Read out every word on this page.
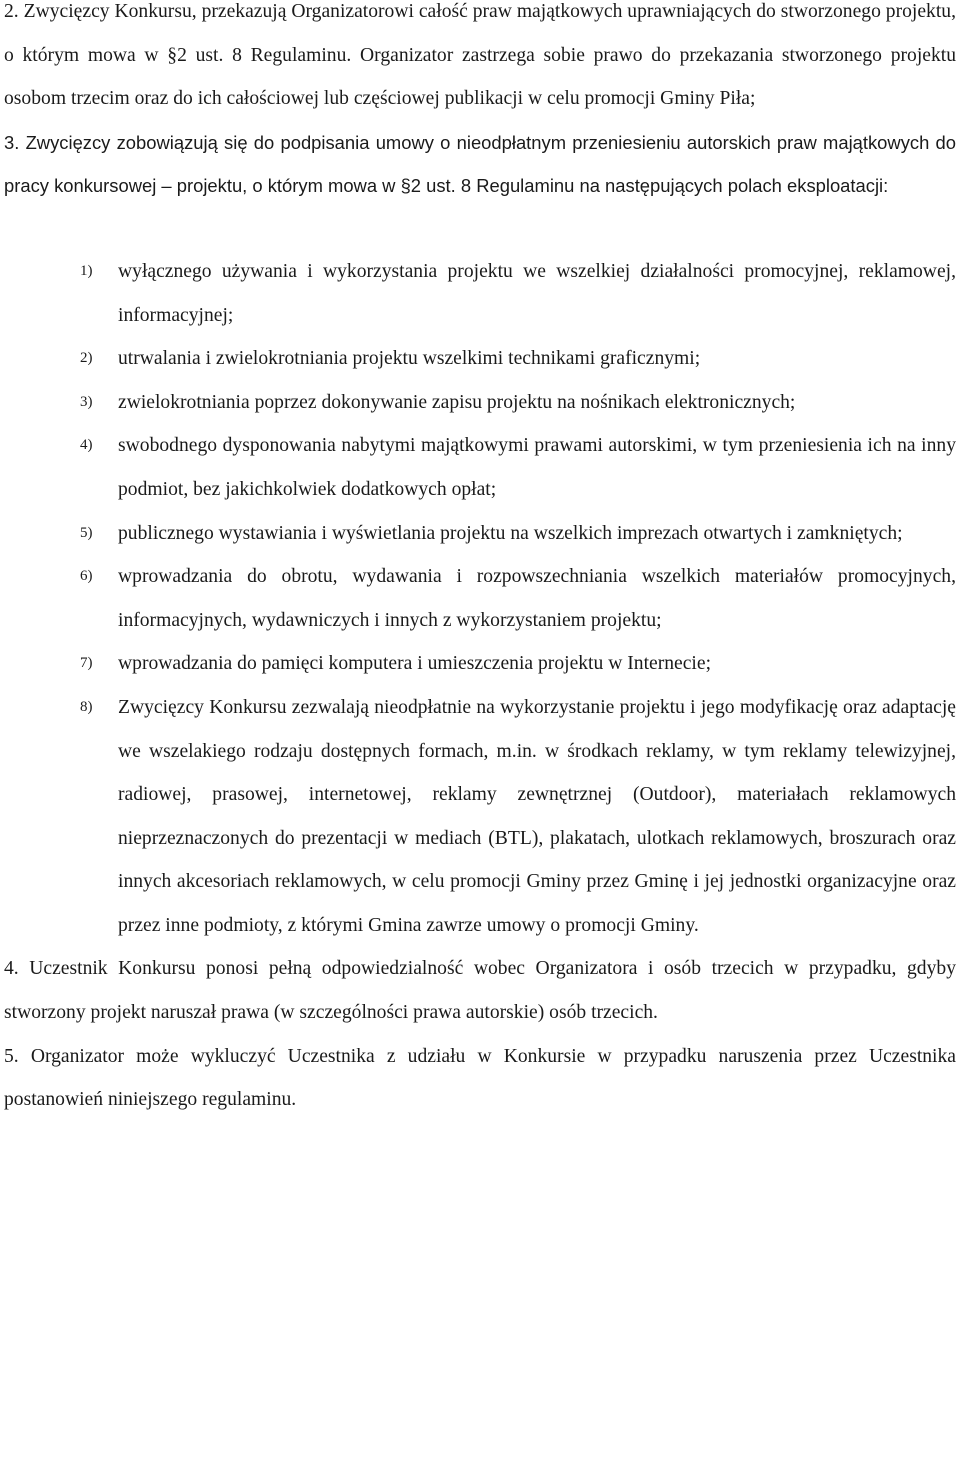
2. Zwycięzcy Konkursu, przekazują Organizatorowi całość praw majątkowych uprawniających do stworzonego projektu, o którym mowa w §2 ust. 8 Regulaminu. Organizator zastrzega sobie prawo do przekazania stworzonego projektu osobom trzecim oraz do ich całościowej lub częściowej publikacji w celu promocji Gminy Piła;

3. Zwycięzcy zobowiązują się do podpisania umowy o nieodpłatnym przeniesieniu autorskich praw majątkowych do pracy konkursowej – projektu, o którym mowa w §2 ust. 8 Regulaminu na następujących polach eksploatacji:

1) wyłącznego używania i wykorzystania projektu we wszelkiej działalności promocyjnej, reklamowej, informacyjnej;
2) utrwalania i zwielokrotniania projektu wszelkimi technikami graficznymi;
3) zwielokrotniania poprzez dokonywanie zapisu projektu na nośnikach elektronicznych;
4) swobodnego dysponowania nabytymi majątkowymi prawami autorskimi, w tym przeniesienia ich na inny podmiot, bez jakichkolwiek dodatkowych opłat;
5) publicznego wystawiania i wyświetlania projektu na wszelkich imprezach otwartych i zamkniętych;
6) wprowadzania do obrotu, wydawania i rozpowszechniania wszelkich materiałów promocyjnych, informacyjnych, wydawniczych i innych z wykorzystaniem projektu;
7) wprowadzania do pamięci komputera i umieszczenia projektu w Internecie;
8) Zwycięzcy Konkursu zezwalają nieodpłatnie na wykorzystanie projektu i jego modyfikację oraz adaptację we wszelakiego rodzaju dostępnych formach, m.in. w środkach reklamy, w tym reklamy telewizyjnej, radiowej, prasowej, internetowej, reklamy zewnętrznej (Outdoor), materiałach reklamowych nieprzeznaczonych do prezentacji w mediach (BTL), plakatach, ulotkach reklamowych, broszurach oraz innych akcesoriach reklamowych, w celu promocji Gminy przez Gminę i jej jednostki organizacyjne oraz przez inne podmioty, z którymi Gmina zawrze umowy o promocji Gminy.

4. Uczestnik Konkursu ponosi pełną odpowiedzialność wobec Organizatora i osób trzecich w przypadku, gdyby stworzony projekt naruszał prawa (w szczególności prawa autorskie) osób trzecich.

5. Organizator może wykluczyć Uczestnika z udziału w Konkursie w przypadku naruszenia przez Uczestnika postanowień niniejszego regulaminu.
